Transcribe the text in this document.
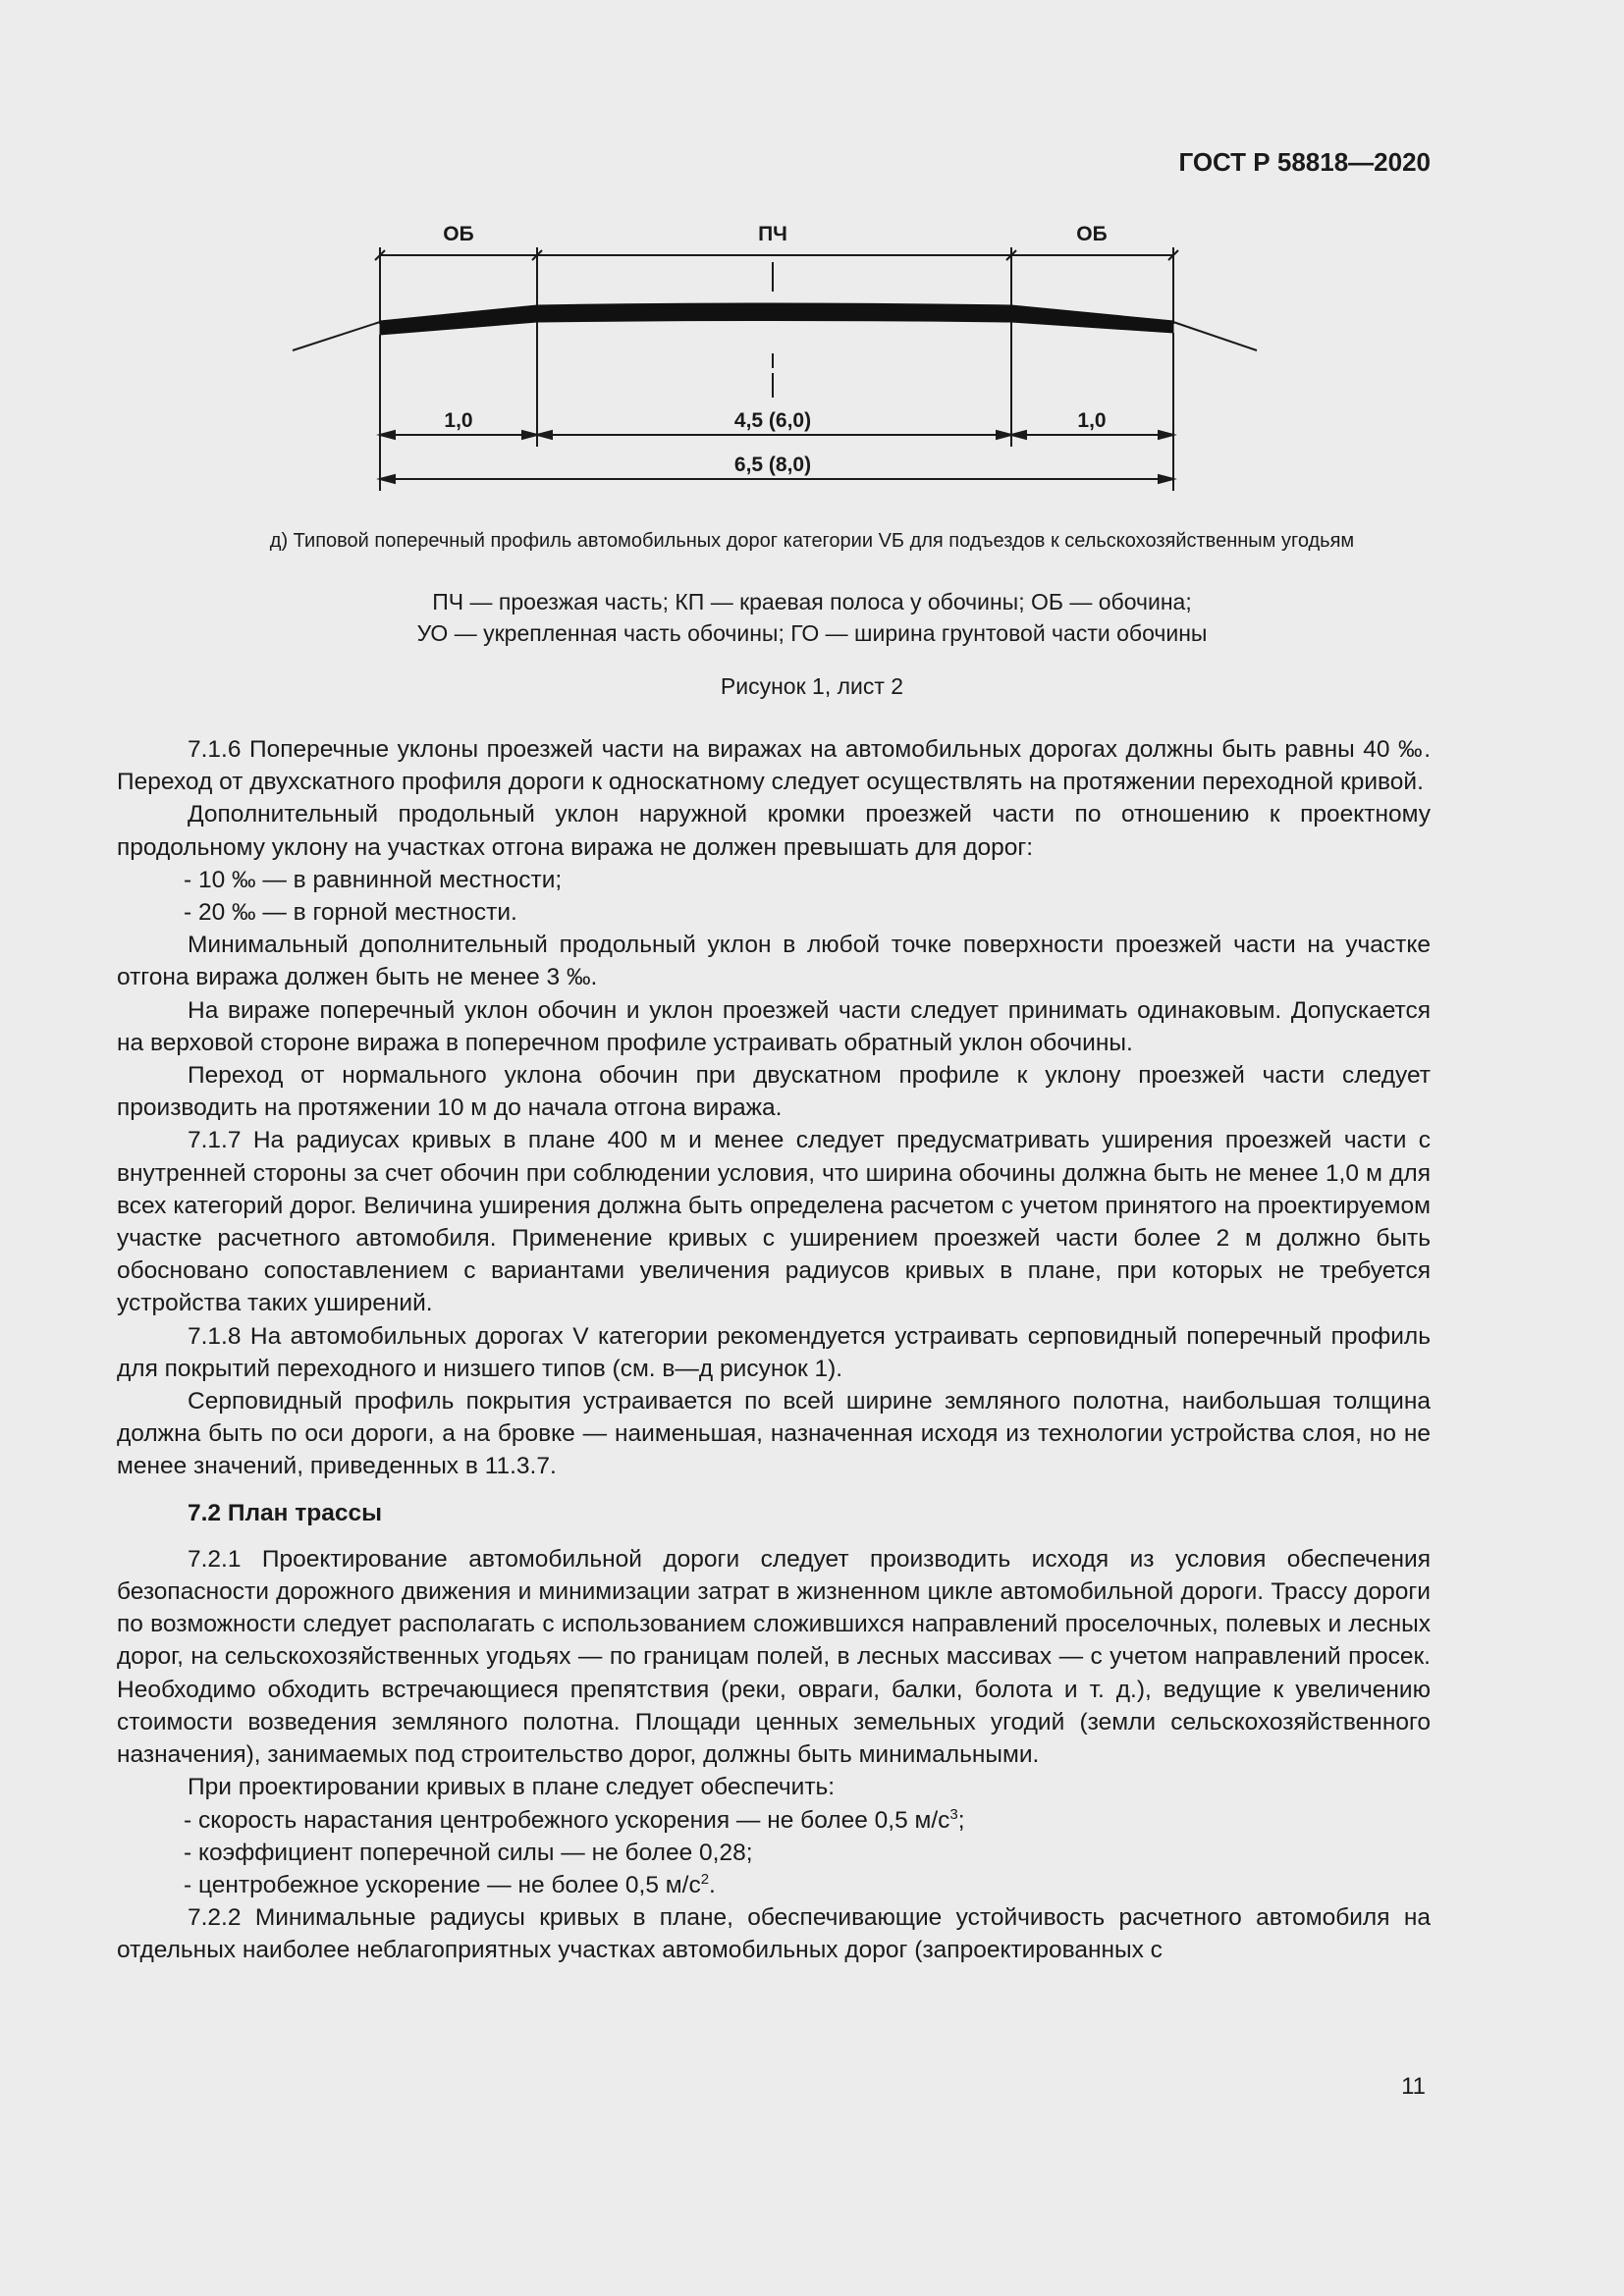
ГОСТ Р 58818—2020
ОБ	ПЧ	ОБ
1,0	4,5 (6,0)	1,0
6,5 (8,0)
д) Типовой поперечный профиль автомобильных дорог категории VБ для подъездов к сельскохозяйственным угодьям
ПЧ — проезжая часть; КП — краевая полоса у обочины; ОБ — обочина;
УО — укрепленная часть обочины; ГО — ширина грунтовой части обочины
Рисунок 1, лист 2

7.1.6 Поперечные уклоны проезжей части на виражах на автомобильных дорогах должны быть равны 40 ‰. Переход от двухскатного профиля дороги к односкатному следует осуществлять на протяжении переходной кривой.

Дополнительный продольный уклон наружной кромки проезжей части по отношению к проектному продольному уклону на участках отгона виража не должен превышать для дорог:

- 10 ‰ — в равнинной местности;

- 20 ‰ — в горной местности.

Минимальный дополнительный продольный уклон в любой точке поверхности проезжей части на участке отгона виража должен быть не менее 3 ‰.

На вираже поперечный уклон обочин и уклон проезжей части следует принимать одинаковым. Допускается на верховой стороне виража в поперечном профиле устраивать обратный уклон обочины.

Переход от нормального уклона обочин при двускатном профиле к уклону проезжей части следует производить на протяжении 10 м до начала отгона виража.

7.1.7 На радиусах кривых в плане 400 м и менее следует предусматривать уширения проезжей части с внутренней стороны за счет обочин при соблюдении условия, что ширина обочины должна быть не менее 1,0 м для всех категорий дорог. Величина уширения должна быть определена расчетом с учетом принятого на проектируемом участке расчетного автомобиля. Применение кривых с уширением проезжей части более 2 м должно быть обосновано сопоставлением с вариантами увеличения радиусов кривых в плане, при которых не требуется устройства таких уширений.

7.1.8 На автомобильных дорогах V категории рекомендуется устраивать серповидный поперечный профиль для покрытий переходного и низшего типов (см. в—д рисунок 1).

Серповидный профиль покрытия устраивается по всей ширине земляного полотна, наибольшая толщина должна быть по оси дороги, а на бровке — наименьшая, назначенная исходя из технологии устройства слоя, но не менее значений, приведенных в 11.3.7.

7.2 План трассы

7.2.1 Проектирование автомобильной дороги следует производить исходя из условия обеспечения безопасности дорожного движения и минимизации затрат в жизненном цикле автомобильной дороги. Трассу дороги по возможности следует располагать с использованием сложившихся направлений проселочных, полевых и лесных дорог, на сельскохозяйственных угодьях — по границам полей, в лесных массивах — с учетом направлений просек. Необходимо обходить встречающиеся препятствия (реки, овраги, балки, болота и т. д.), ведущие к увеличению стоимости возведения земляного полотна. Площади ценных земельных угодий (земли сельскохозяйственного назначения), занимаемых под строительство дорог, должны быть минимальными.

При проектировании кривых в плане следует обеспечить:

- скорость нарастания центробежного ускорения — не более 0,5 $м/с^3$;

- коэффициент поперечной силы — не более 0,28;

- центробежное ускорение — не более 0,5 $м/с^2$.

7.2.2 Минимальные радиусы кривых в плане, обеспечивающие устойчивость расчетного автомобиля на отдельных наиболее неблагоприятных участках автомобильных дорог (запроектированных с

11
